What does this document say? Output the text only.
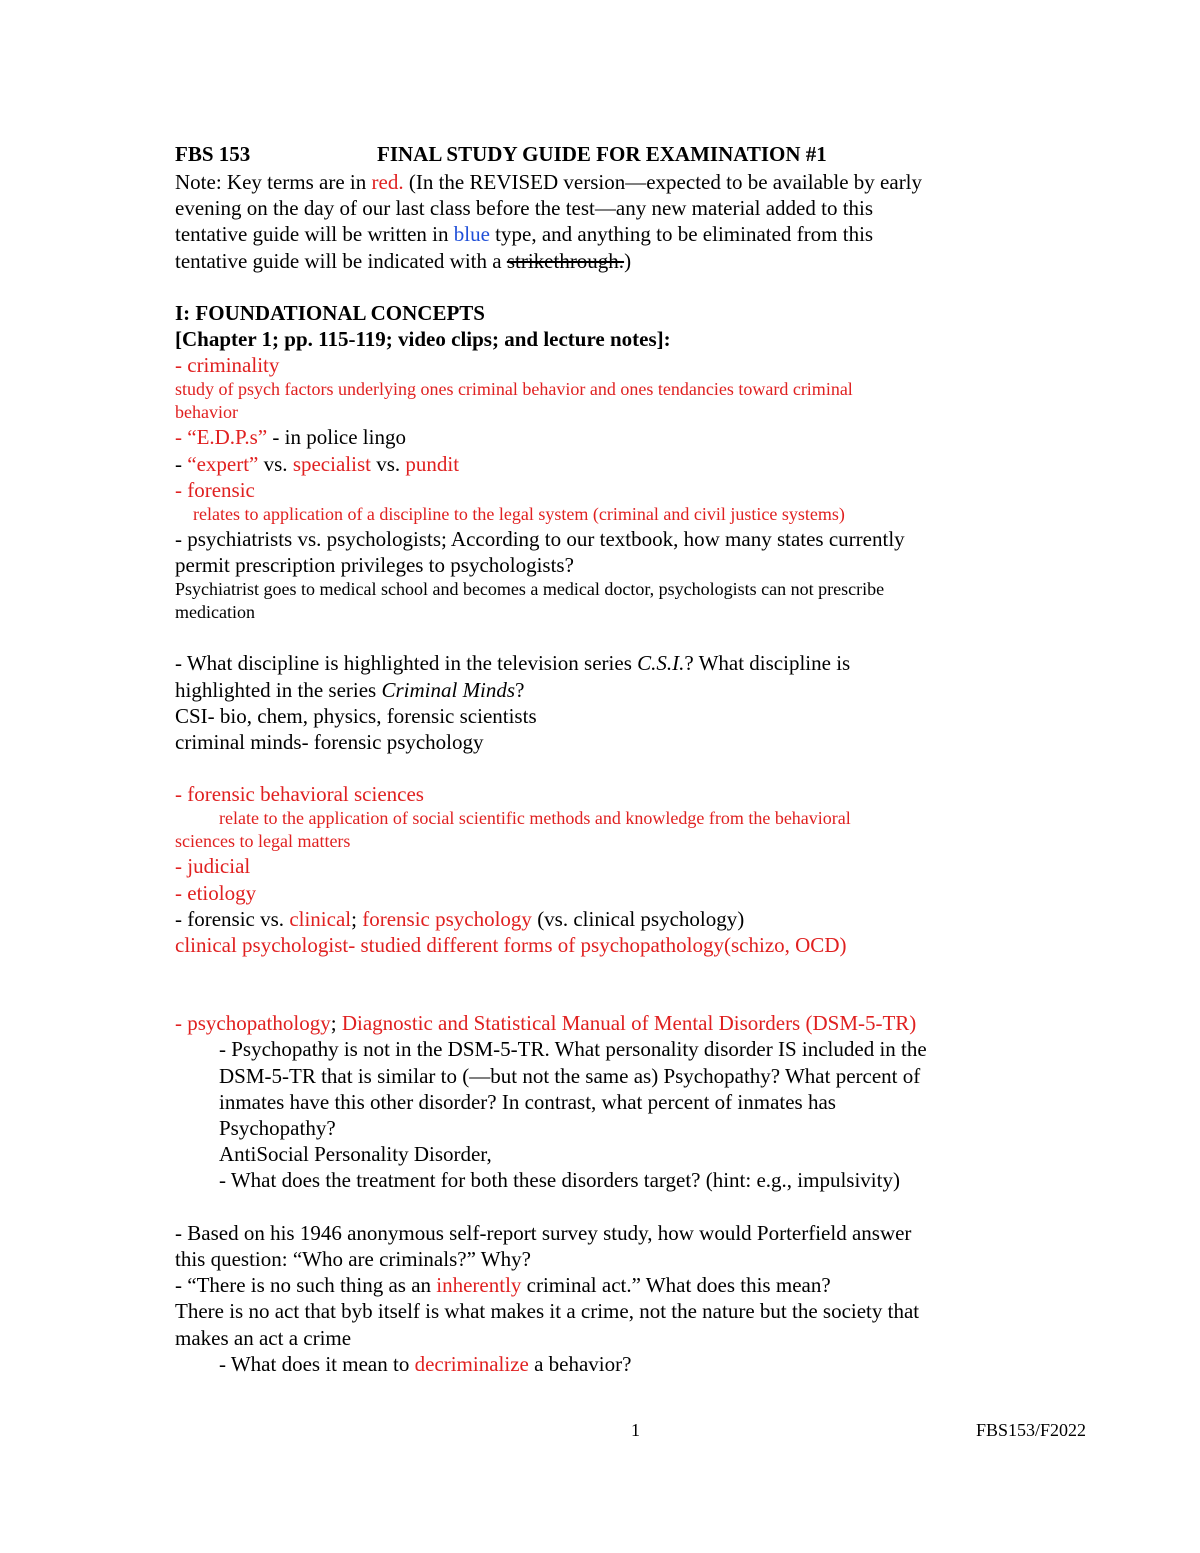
FBS 153	FINAL STUDY GUIDE FOR EXAMINATION #1
Note: Key terms are in red. (In the REVISED version—expected to be available by early
evening on the day of our last class before the test—any new material added to this
tentative guide will be written in blue type, and anything to be eliminated from this
tentative guide will be indicated with a strikethrough.)
I: FOUNDATIONAL CONCEPTS
[Chapter 1; pp. 115-119; video clips; and lecture notes]:
- criminality
study of psych factors underlying ones criminal behavior and ones tendancies toward criminal
behavior
- “E.D.P.s” - in police lingo
- “expert” vs. specialist vs. pundit
- forensic
relates to application of a discipline to the legal system (criminal and civil justice systems)
- psychiatrists vs. psychologists; According to our textbook, how many states currently
permit prescription privileges to psychologists?
Psychiatrist goes to medical school and becomes a medical doctor, psychologists can not prescribe
medication
- What discipline is highlighted in the television series C.S.I.? What discipline is
highlighted in the series Criminal Minds?
CSI- bio, chem, physics, forensic scientists
criminal minds- forensic psychology
- forensic behavioral sciences
relate to the application of social scientific methods and knowledge from the behavioral
sciences to legal matters
- judicial
- etiology
- forensic vs. clinical; forensic psychology (vs. clinical psychology)
clinical psychologist- studied different forms of psychopathology(schizo, OCD)
- psychopathology; Diagnostic and Statistical Manual of Mental Disorders (DSM-5-TR)
- Psychopathy is not in the DSM-5-TR. What personality disorder IS included in the
DSM-5-TR that is similar to (—but not the same as) Psychopathy? What percent of
inmates have this other disorder? In contrast, what percent of inmates has
Psychopathy?
AntiSocial Personality Disorder,
- What does the treatment for both these disorders target? (hint: e.g., impulsivity)
- Based on his 1946 anonymous self-report survey study, how would Porterfield answer
this question: “Who are criminals?” Why?
- “There is no such thing as an inherently criminal act.” What does this mean?
There is no act that byb itself is what makes it a crime, not the nature but the society that
makes an act a crime
- What does it mean to decriminalize a behavior?
1	FBS153/F2022
